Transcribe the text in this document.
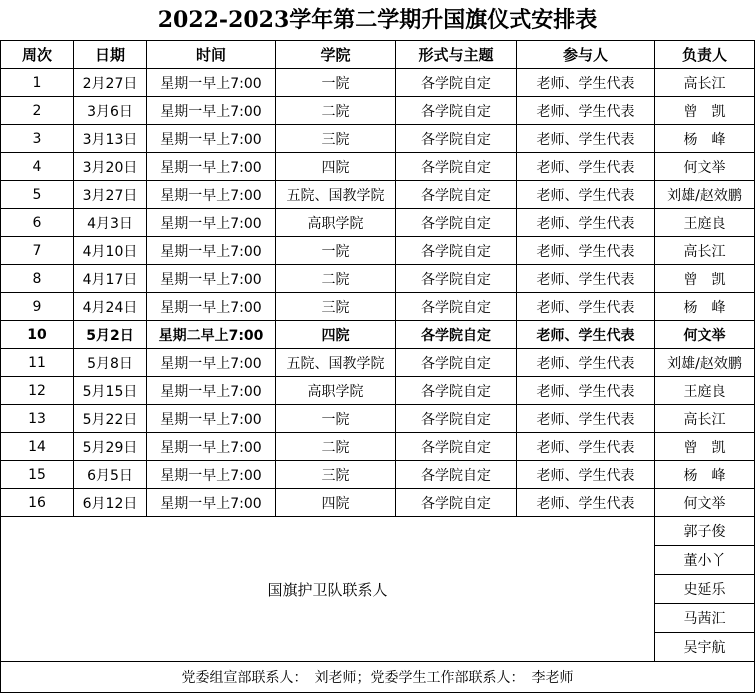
2022-2023学年第二学期升国旗仪式安排表
周次	日期	时间	学院	形式与主题	参与人	负责人
1	2月27日	星期一早上7:00	一院	各学院自定	老师、学生代表	高长江
2	3月6日	星期一早上7:00	二院	各学院自定	老师、学生代表	曾　凯
3	3月13日	星期一早上7:00	三院	各学院自定	老师、学生代表	杨　峰
4	3月20日	星期一早上7:00	四院	各学院自定	老师、学生代表	何文举
5	3月27日	星期一早上7:00	五院、国教学院	各学院自定	老师、学生代表	刘雄/赵效鹏
6	4月3日	星期一早上7:00	高职学院	各学院自定	老师、学生代表	王庭良
7	4月10日	星期一早上7:00	一院	各学院自定	老师、学生代表	高长江
8	4月17日	星期一早上7:00	二院	各学院自定	老师、学生代表	曾　凯
9	4月24日	星期一早上7:00	三院	各学院自定	老师、学生代表	杨　峰
10	5月2日	星期二早上7:00	四院	各学院自定	老师、学生代表	何文举
11	5月8日	星期一早上7:00	五院、国教学院	各学院自定	老师、学生代表	刘雄/赵效鹏
12	5月15日	星期一早上7:00	高职学院	各学院自定	老师、学生代表	王庭良
13	5月22日	星期一早上7:00	一院	各学院自定	老师、学生代表	高长江
14	5月29日	星期一早上7:00	二院	各学院自定	老师、学生代表	曾　凯
15	6月5日	星期一早上7:00	三院	各学院自定	老师、学生代表	杨　峰
16	6月12日	星期一早上7:00	四院	各学院自定	老师、学生代表	何文举
国旗护卫队联系人						郭子俊
						董小丫
						史延乐
						马茜汇
						吴宇航
党委组宣部联系人：　刘老师；党委学生工作部联系人：　李老师						
